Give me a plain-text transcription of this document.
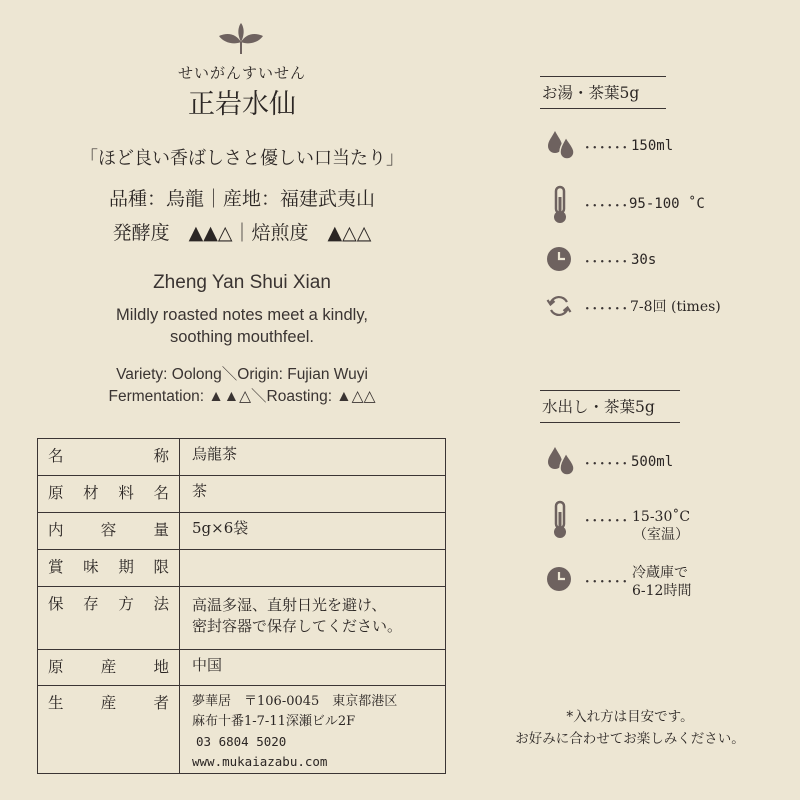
せいがんすいせん
正岩水仙
「ほど良い香ばしさと優しい口当たり」
品種：烏龍｜産地：福建武夷山
発酵度　▲▲△｜焙煎度　▲△△
Zheng Yan Shui Xian
Mildly roasted notes meet a kindly,
soothing mouthfeel.
Variety: Oolong＼Origin: Fujian Wuyi
Fermentation: ▲▲△＼Roasting: ▲△△
名称	烏龍茶
原材料名	茶
内容量	5g×6袋
賞味期限	
保存方法	高温多湿、直射日光を避け、
密封容器で保存してください。

原産地	中国
生産者	夢華居　〒106-0045　東京都港区
麻布十番1-7-11深瀬ビル2F
03 6804 5020
www.mukaiazabu.com
お湯・茶葉5g
･･････ 150ml
･･････ 95-100 ˚C
･･････ 30s
･･････ 7-8回 (times)
水出し・茶葉5g
･･････ 500ml
･･････ 15-30˚C
（室温）
･･････
冷蔵庫で
6-12時間
*入れ方は目安です。
お好みに合わせてお楽しみください。
